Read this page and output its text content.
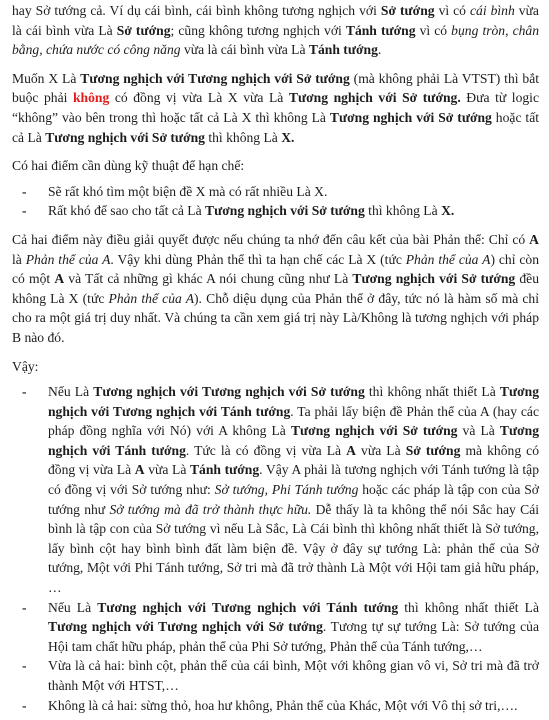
hay Sở tướng cả. Ví dụ cái bình, cái bình không tương nghịch với Sở tướng vì có cái bình vừa là cái bình vừa Là Sở tướng; cũng không tương nghịch với Tánh tướng vì có bụng tròn, chân bằng, chứa nước có công năng vừa là cái bình vừa Là Tánh tướng.

Muốn X Là Tương nghịch với Tương nghịch với Sở tướng (mà không phải Là VTST) thì bắt buộc phải không có đồng vị vừa Là X vừa Là Tương nghịch với Sở tướng. Đưa từ logic “không” vào bên trong thì hoặc tất cả Là X thì không Là Tương nghịch với Sở tướng hoặc tất cả Là Tương nghịch với Sở tướng thì không Là X.

Có hai điểm cần dùng kỹ thuật để hạn chế:

- Sẽ rất khó tìm một biện đề X mà có rất nhiều Là X.
- Rất khó để sao cho tất cả Là Tương nghịch với Sở tướng thì không Là X.

Cả hai điểm này điều giải quyết được nếu chúng ta nhớ đến câu kết của bài Phản thể: Chỉ có A là Phản thể của A. Vậy khi dùng Phản thể thì ta hạn chế các Là X (tức Phản thể của A) chỉ còn có một A và Tất cả những gì khác A nói chung cũng như Là Tương nghịch với Sở tướng đều không Là X (tức Phản thể của A). Chỗ diệu dụng của Phản thể ở đây, tức nó là hàm số mà chỉ cho ra một giá trị duy nhất. Và chúng ta cần xem giá trị này Là/Không là tương nghịch với pháp B nào đó.

Vậy:

- Nếu Là Tương nghịch với Tương nghịch với Sở tướng thì không nhất thiết Là Tương nghịch với Tương nghịch với Tánh tướng. Ta phải lấy biện đề Phản thể của A (hay các pháp đồng nghĩa với Nó) với A không Là Tương nghịch với Sở tướng và Là Tương nghịch với Tánh tướng. Tức là có đồng vị vừa Là A vừa Là Sở tướng mà không có đồng vị vừa Là A vừa Là Tánh tướng. Vậy A phải là tương nghịch với Tánh tướng là tập có đồng vị với Sở tướng như: Sở tướng, Phi Tánh tướng hoặc các pháp là tập con của Sở tướng như Sở tướng mà đã trở thành thực hữu. Dễ thấy là ta không thể nói Sắc hay Cái bình là tập con của Sở tướng vì nếu Là Sắc, Là Cái bình thì không nhất thiết là Sở tướng, lấy bình cột hay bình bình đất làm biện đề. Vậy ở đây sự tướng Là: phản thể của Sở tướng, Một với Phi Tánh tướng, Sở tri mà đã trở thành Là Một với Hội tam giả hữu pháp, …
- Nếu Là Tương nghịch với Tương nghịch với Tánh tướng thì không nhất thiết Là Tương nghịch với Tương nghịch với Sở tướng. Tương tự sự tướng Là: Sở tướng của Hội tam chất hữu pháp, phản thể của Phi Sở tướng, Phản thể của Tánh tướng,…
- Vừa là cả hai: bình cột, phản thể của cái bình, Một với không gian vô vi, Sở tri mà đã trở thành Một với HTST,…
- Không là cả hai: sừng thỏ, hoa hư không, Phản thể của Khác, Một với Vô thị sở tri,….
